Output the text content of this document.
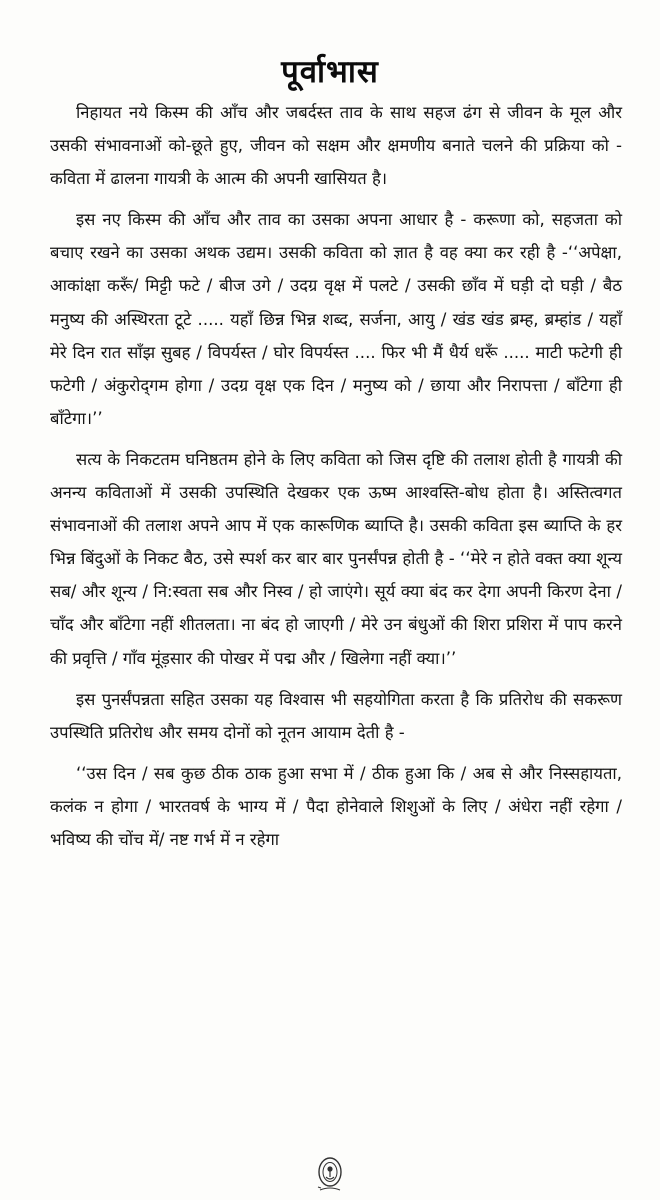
पूर्वाभास

निहायत नये किस्म की आँच और जबर्दस्त ताव के साथ सहज ढंग से जीवन के मूल और उसकी संभावनाओं को-छूते हुए, जीवन को सक्षम और क्षमणीय बनाते चलने की प्रक्रिया को - कविता में ढालना गायत्री के आत्म की अपनी खासियत है।

इस नए किस्म की आँच और ताव का उसका अपना आधार है - करूणा को, सहजता को बचाए रखने का उसका अथक उद्यम। उसकी कविता को ज्ञात है वह क्या कर रही है -‘‘अपेक्षा, आकांक्षा करूँ/ मिट्टी फटे / बीज उगे / उदग्र वृक्ष में पलटे / उसकी छाँव में घड़ी दो घड़ी / बैठ मनुष्य की अस्थिरता टूटे ..... यहाँ छिन्न भिन्न शब्द, सर्जना, आयु / खंड खंड ब्रम्ह, ब्रम्हांड / यहाँ मेरे दिन रात साँझ सुबह / विपर्यस्त / घोर विपर्यस्त .... फिर भी मैं धैर्य धरूँ ..... माटी फटेगी ही फटेगी / अंकुरोद्‌गम होगा / उदग्र वृक्ष एक दिन / मनुष्य को / छाया और निरापत्ता / बाँटेगा ही बाँटेगा।’’

सत्य के निकटतम घनिष्ठतम होने के लिए कविता को जिस दृष्टि की तलाश होती है गायत्री की अनन्य कविताओं में उसकी उपस्थिति देखकर एक ऊष्म आश्वस्ति-बोध होता है। अस्तित्वगत संभावनाओं की तलाश अपने आप में एक कारूणिक ब्याप्ति है। उसकी कविता इस ब्याप्ति के हर भिन्न बिंदुओं के निकट बैठ, उसे स्पर्श कर बार बार पुनर्संपन्न होती है - ‘‘मेरे न होते वक्त क्या शून्य सब/ और शून्य / नि:स्वता सब और निस्व / हो जाएंगे। सूर्य क्या बंद कर देगा अपनी किरण देना / चाँद और बाँटेगा नहीं शीतलता। ना बंद हो जाएगी / मेरे उन बंधुओं की शिरा प्रशिरा में पाप करने की प्रवृत्ति / गाँव मूंड़सार की पोखर में पद्म और / खिलेगा नहीं क्या।’’

इस पुनर्संपन्नता सहित उसका यह विश्वास भी सहयोगिता करता है कि प्रतिरोध की सकरूण उपस्थिति प्रतिरोध और समय दोनों को नूतन आयाम देती है -

‘‘उस दिन / सब कुछ ठीक ठाक हुआ सभा में / ठीक हुआ कि / अब से और निस्सहायता, कलंक न होगा / भारतवर्ष के भाग्य में / पैदा होनेवाले शिशुओं के लिए / अंधेरा नहीं रहेगा / भविष्य की चोंच में/ नष्ट गर्भ में न रहेगा
